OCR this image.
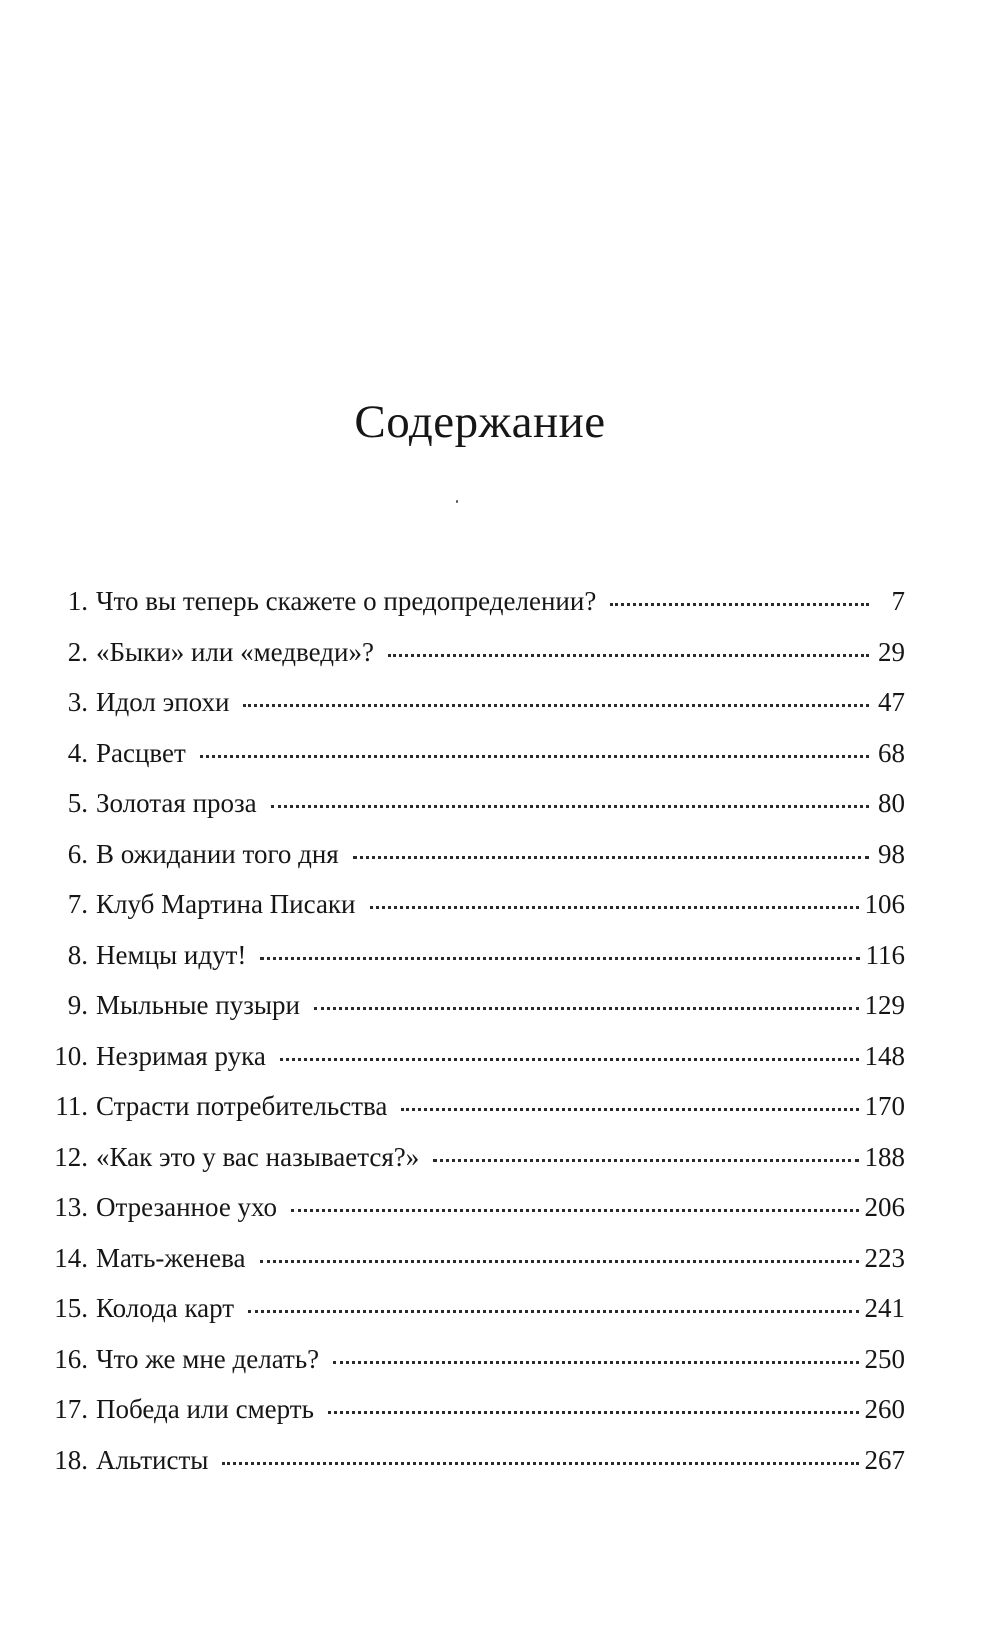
Содержание
1. Что вы теперь скажете о предопределении?	7
2. «Быки» или «медведи»?	29
3. Идол эпохи	47
4. Расцвет	68
5. Золотая проза	80
6. В ожидании того дня	98
7. Клуб Мартина Писаки	106
8. Немцы идут!	116
9. Мыльные пузыри	129
10. Незримая рука	148
11. Страсти потребительства	170
12. «Как это у вас называется?»	188
13. Отрезанное ухо	206
14. Мать-женева	223
15. Колода карт	241
16. Что же мне делать?	250
17. Победа или смерть	260
18. Альтисты	267
